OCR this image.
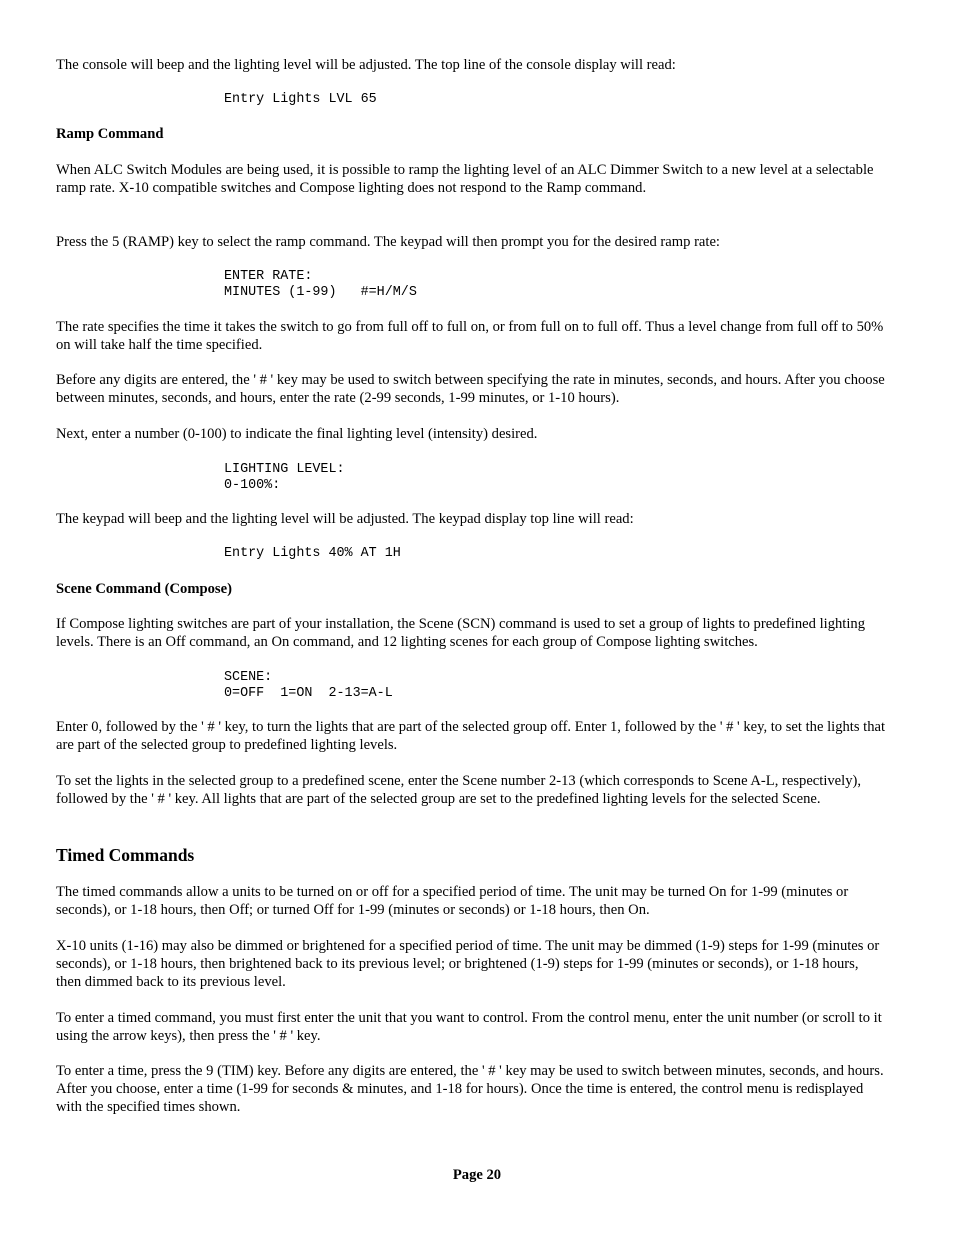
The console will beep and the lighting level will be adjusted. The top line of the console display will read:

Entry Lights LVL 65

Ramp Command

When ALC Switch Modules are being used, it is possible to ramp the lighting level of an ALC Dimmer Switch to a new level at a selectable ramp rate. X-10 compatible switches and Compose lighting does not respond to the Ramp command.

Press the 5 (RAMP) key to select the ramp command. The keypad will then prompt you for the desired ramp rate:

ENTER RATE:

MINUTES (1-99)   #=H/M/S

The rate specifies the time it takes the switch to go from full off to full on, or from full on to full off. Thus a level change from full off to 50% on will take half the time specified.

Before any digits are entered, the ' # ' key may be used to switch between specifying the rate in minutes, seconds, and hours. After you choose between minutes, seconds, and hours, enter the rate (2-99 seconds, 1-99 minutes, or 1-10 hours).

Next, enter a number (0-100) to indicate the final lighting level (intensity) desired.

LIGHTING LEVEL:

0-100%:

The keypad will beep and the lighting level will be adjusted. The keypad display top line will read:

Entry Lights 40% AT 1H

Scene Command (Compose)

If Compose lighting switches are part of your installation, the Scene (SCN) command is used to set a group of lights to predefined lighting levels. There is an Off command, an On command, and 12 lighting scenes for each group of Compose lighting switches.

SCENE:

0=OFF  1=ON  2-13=A-L

Enter 0, followed by the ' # ' key, to turn the lights that are part of the selected group off. Enter 1, followed by the ' # ' key, to set the lights that are part of the selected group to predefined lighting levels.

To set the lights in the selected group to a predefined scene, enter the Scene number 2-13 (which corresponds to Scene A-L, respectively), followed by the ' # ' key. All lights that are part of the selected group are set to the predefined lighting levels for the selected Scene.

Timed Commands

The timed commands allow a units to be turned on or off for a specified period of time. The unit may be turned On for 1-99 (minutes or seconds), or 1-18 hours, then Off; or turned Off for 1-99 (minutes or seconds) or 1-18 hours, then On.

X-10 units (1-16) may also be dimmed or brightened for a specified period of time. The unit may be dimmed (1-9) steps for 1-99 (minutes or seconds), or 1-18 hours, then brightened back to its previous level; or brightened (1-9) steps for 1-99 (minutes or seconds), or 1-18 hours, then dimmed back to its previous level.

To enter a timed command, you must first enter the unit that you want to control. From the control menu, enter the unit number (or scroll to it using the arrow keys), then press the ' # ' key.

To enter a time, press the 9 (TIM) key. Before any digits are entered, the ' # ' key may be used to switch between minutes, seconds, and hours. After you choose, enter a time (1-99 for seconds & minutes, and 1-18 for hours). Once the time is entered, the control menu is redisplayed with the specified times shown.

Page 20
